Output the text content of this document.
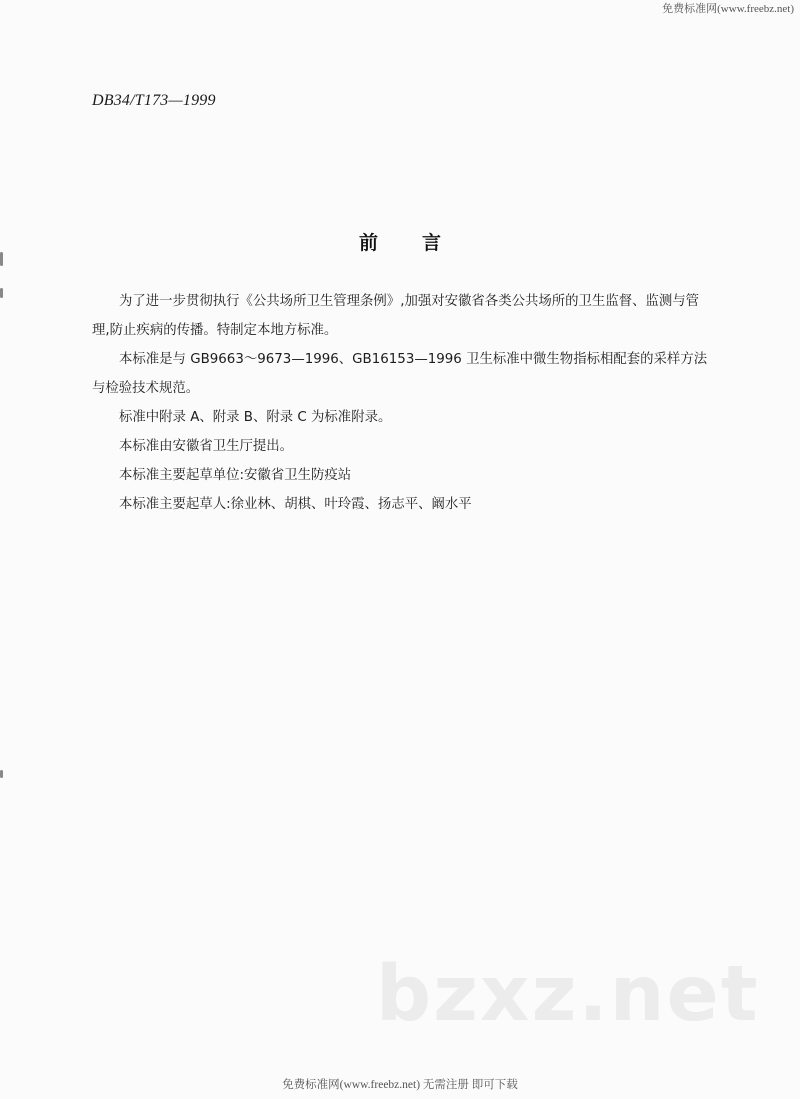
免费标准网(www.freebz.net)
DB34/T173—1999
前言

为了进一步贯彻执行《公共场所卫生管理条例》,加强对安徽省各类公共场所的卫生监督、监测与管理,防止疾病的传播。特制定本地方标准。

本标准是与 GB9663～9673—1996、GB16153—1996 卫生标准中微生物指标相配套的采样方法与检验技术规范。

标准中附录 A、附录 B、附录 C 为标准附录。

本标准由安徽省卫生厅提出。

本标准主要起草单位:安徽省卫生防疫站

本标准主要起草人:徐业林、胡棋、叶玲霞、扬志平、阚水平

bzxz.net
免费标准网(www.freebz.net) 无需注册 即可下载
